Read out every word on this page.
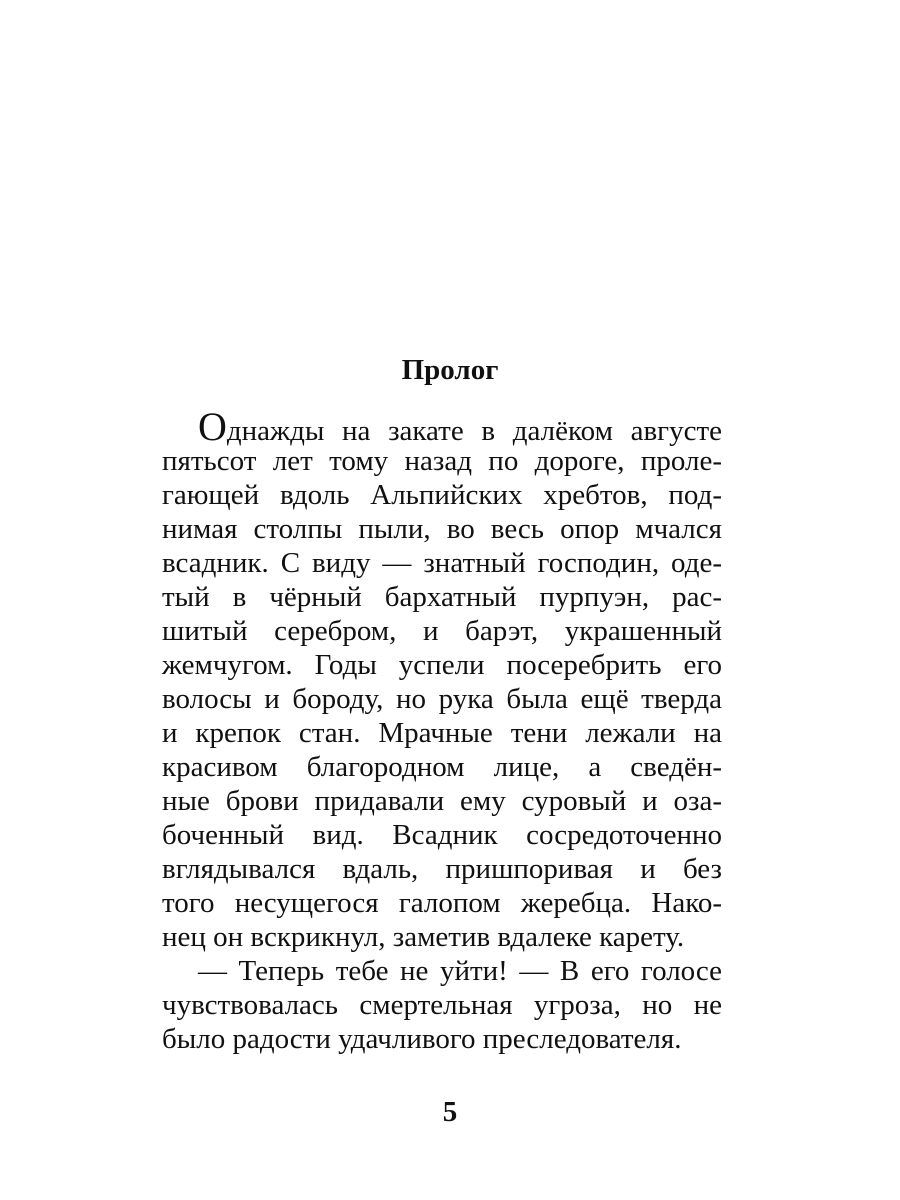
Пролог
Однажды на закате в далёком августе
пятьсот лет тому назад по дороге, проле-
гающей вдоль Альпийских хребтов, под-
нимая столпы пыли, во весь опор мчался
всадник. С виду — знатный господин, оде-
тый в чёрный бархатный пурпуэн, рас-
шитый серебром, и барэт, украшенный
жемчугом. Годы успели посеребрить его
волосы и бороду, но рука была ещё тверда
и крепок стан. Мрачные тени лежали на
красивом благородном лице, а сведён-
ные брови придавали ему суровый и оза-
боченный вид. Всадник сосредоточенно
вглядывался вдаль, пришпоривая и без
того несущегося галопом жеребца. Нако-
нец он вскрикнул, заметив вдалеке карету.
— Теперь тебе не уйти! — В его голосе
чувствовалась смертельная угроза, но не
было радости удачливого преследователя.
5
